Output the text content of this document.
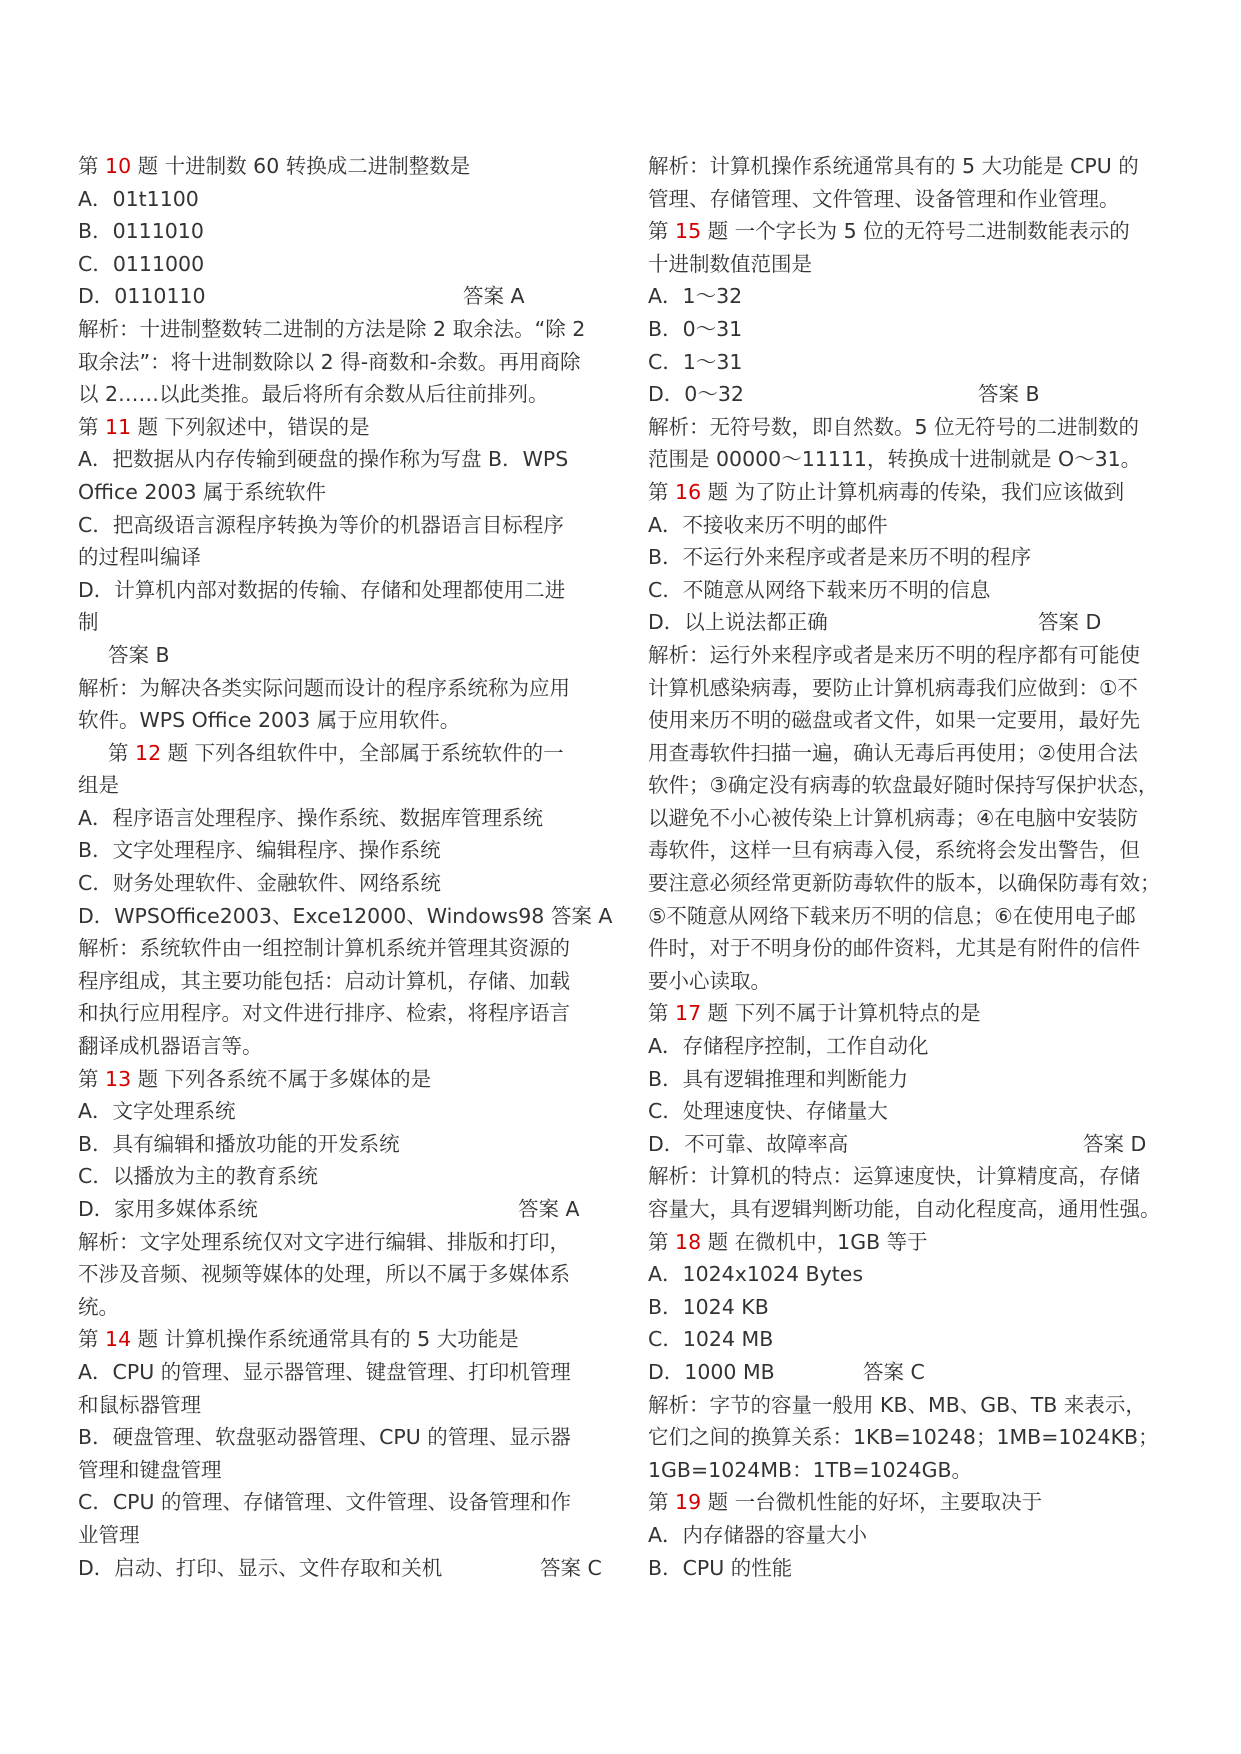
第 10 题 十进制数 60 转换成二进制整数是
A．01t1100
B．0111010
C．0111000
D．0110110	答案 A
解析：十进制整数转二进制的方法是除 2 取余法。“除 2
取余法”：将十进制数除以 2 得-商数和-余数。再用商除
以 2……以此类推。最后将所有余数从后往前排列。
第 11 题 下列叙述中，错误的是
A．把数据从内存传输到硬盘的操作称为写盘 B．WPS
Office 2003 属于系统软件
C．把高级语言源程序转换为等价的机器语言目标程序
的过程叫编译
D．计算机内部对数据的传输、存储和处理都使用二进
制
答案 B
解析：为解决各类实际问题而设计的程序系统称为应用
软件。WPS Office 2003 属于应用软件。
第 12 题 下列各组软件中，全部属于系统软件的一
组是
A．程序语言处理程序、操作系统、数据库管理系统
B．文字处理程序、编辑程序、操作系统
C．财务处理软件、金融软件、网络系统
D．WPSOffice2003、Exce12000、Windows98 答案 A
解析：系统软件由一组控制计算机系统并管理其资源的
程序组成，其主要功能包括：启动计算机，存储、加载
和执行应用程序。对文件进行排序、检索，将程序语言
翻译成机器语言等。
第 13 题 下列各系统不属于多媒体的是
A．文字处理系统
B．具有编辑和播放功能的开发系统
C．以播放为主的教育系统
D．家用多媒体系统	答案 A
解析：文字处理系统仅对文字进行编辑、排版和打印，
不涉及音频、视频等媒体的处理，所以不属于多媒体系
统。
第 14 题 计算机操作系统通常具有的 5 大功能是
A．CPU 的管理、显示器管理、键盘管理、打印机管理
和鼠标器管理
B．硬盘管理、软盘驱动器管理、CPU 的管理、显示器
管理和键盘管理
C．CPU 的管理、存储管理、文件管理、设备管理和作
业管理
D．启动、打印、显示、文件存取和关机	答案 C
解析：计算机操作系统通常具有的 5 大功能是 CPU 的
管理、存储管理、文件管理、设备管理和作业管理。
第 15 题 一个字长为 5 位的无符号二进制数能表示的
十进制数值范围是
A．1～32
B．0～31
C．1～31
D．0～32	答案 B
解析：无符号数，即自然数。5 位无符号的二进制数的
范围是 00000～11111，转换成十进制就是 O～31。
第 16 题 为了防止计算机病毒的传染，我们应该做到
A．不接收来历不明的邮件
B．不运行外来程序或者是来历不明的程序
C．不随意从网络下载来历不明的信息
D．以上说法都正确	答案 D
解析：运行外来程序或者是来历不明的程序都有可能使
计算机感染病毒，要防止计算机病毒我们应做到：①不
使用来历不明的磁盘或者文件，如果一定要用，最好先
用查毒软件扫描一遍，确认无毒后再使用；②使用合法
软件；③确定没有病毒的软盘最好随时保持写保护状态，
以避免不小心被传染上计算机病毒；④在电脑中安装防
毒软件，这样一旦有病毒入侵，系统将会发出警告，但
要注意必须经常更新防毒软件的版本，以确保防毒有效；
⑤不随意从网络下载来历不明的信息；⑥在使用电子邮
件时，对于不明身份的邮件资料，尤其是有附件的信件
要小心读取。
第 17 题 下列不属于计算机特点的是
A．存储程序控制，工作自动化
B．具有逻辑推理和判断能力
C．处理速度快、存储量大
D．不可靠、故障率高	答案 D
解析：计算机的特点：运算速度快，计算精度高，存储
容量大，具有逻辑判断功能，自动化程度高，通用性强。
第 18 题 在微机中，1GB 等于
A．1024x1024 Bytes
B．1024 KB
C．1024 MB
D．1000 MB	答案 C
解析：字节的容量一般用 KB、MB、GB、TB 来表示，
它们之间的换算关系：1KB=10248；1MB=1024KB；
1GB=1024MB：1TB=1024GB。
第 19 题 一台微机性能的好坏，主要取决于
A．内存储器的容量大小
B．CPU 的性能
